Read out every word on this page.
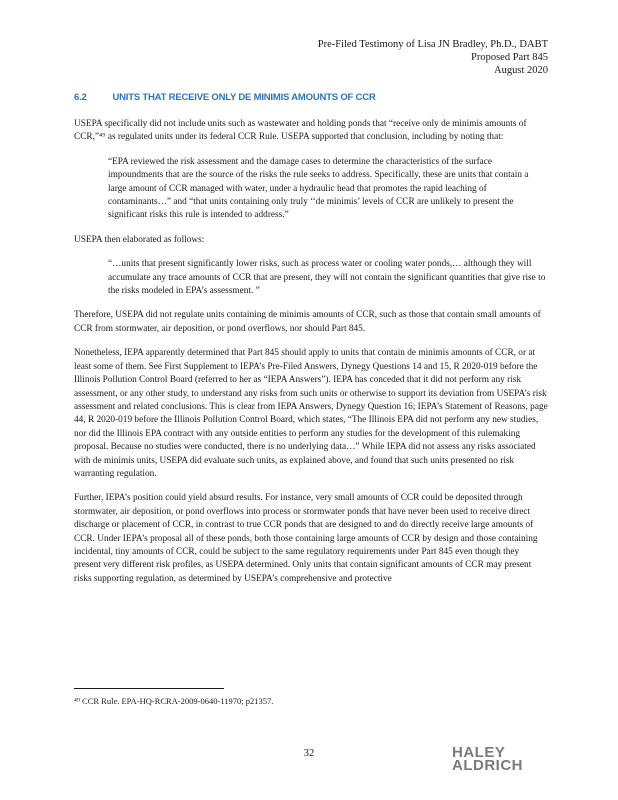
Pre-Filed Testimony of Lisa JN Bradley, Ph.D., DABT
Proposed Part 845
August 2020
6.2	UNITS THAT RECEIVE ONLY DE MINIMIS AMOUNTS OF CCR

USEPA specifically did not include units such as wastewater and holding ponds that “receive only de minimis amounts of CCR,”⁴⁹ as regulated units under its federal CCR Rule. USEPA supported that conclusion, including by noting that:

“EPA reviewed the risk assessment and the damage cases to determine the characteristics of the surface impoundments that are the source of the risks the rule seeks to address. Specifically, these are units that contain a large amount of CCR managed with water, under a hydraulic head that promotes the rapid leaching of contaminants…” and “that units containing only truly ‘‘de minimis’ levels of CCR are unlikely to present the significant risks this rule is intended to address.”

USEPA then elaborated as follows:

“…units that present significantly lower risks, such as process water or cooling water ponds,… although they will accumulate any trace amounts of CCR that are present, they will not contain the significant quantities that give rise to the risks modeled in EPA’s assessment. ”

Therefore, USEPA did not regulate units containing de minimis amounts of CCR, such as those that contain small amounts of CCR from stormwater, air deposition, or pond overflows, nor should Part 845.

Nonetheless, IEPA apparently determined that Part 845 should apply to units that contain de minimis amounts of CCR, or at least some of them. See First Supplement to IEPA’s Pre-Filed Answers, Dynegy Questions 14 and 15, R 2020-019 before the Illinois Pollution Control Board (referred to her as “IEPA Answers”). IEPA has conceded that it did not perform any risk assessment, or any other study, to understand any risks from such units or otherwise to support its deviation from USEPA’s risk assessment and related conclusions. This is clear from IEPA Answers, Dynegy Question 16; IEPA’s Statement of Reasons, page 44, R 2020-019 before the Illinois Pollution Control Board, which states, “The Illinois EPA did not perform any new studies, nor did the Illinois EPA contract with any outside entities to perform any studies for the development of this rulemaking proposal. Because no studies were conducted, there is no underlying data…” While IEPA did not assess any risks associated with de minimis units, USEPA did evaluate such units, as explained above, and found that such units presented no risk warranting regulation.

Further, IEPA’s position could yield absurd results. For instance, very small amounts of CCR could be deposited through stormwater, air deposition, or pond overflows into process or stormwater ponds that have never been used to receive direct discharge or placement of CCR, in contrast to true CCR ponds that are designed to and do directly receive large amounts of CCR. Under IEPA’s proposal all of these ponds, both those containing large amounts of CCR by design and those containing incidental, tiny amounts of CCR, could be subject to the same regulatory requirements under Part 845 even though they present very different risk profiles, as USEPA determined. Only units that contain significant amounts of CCR may present risks supporting regulation, as determined by USEPA’s comprehensive and protective

⁴⁹ CCR Rule. EPA-HQ-RCRA-2009-0640-11970; p21357.
32	HALEY
ALDRICH
